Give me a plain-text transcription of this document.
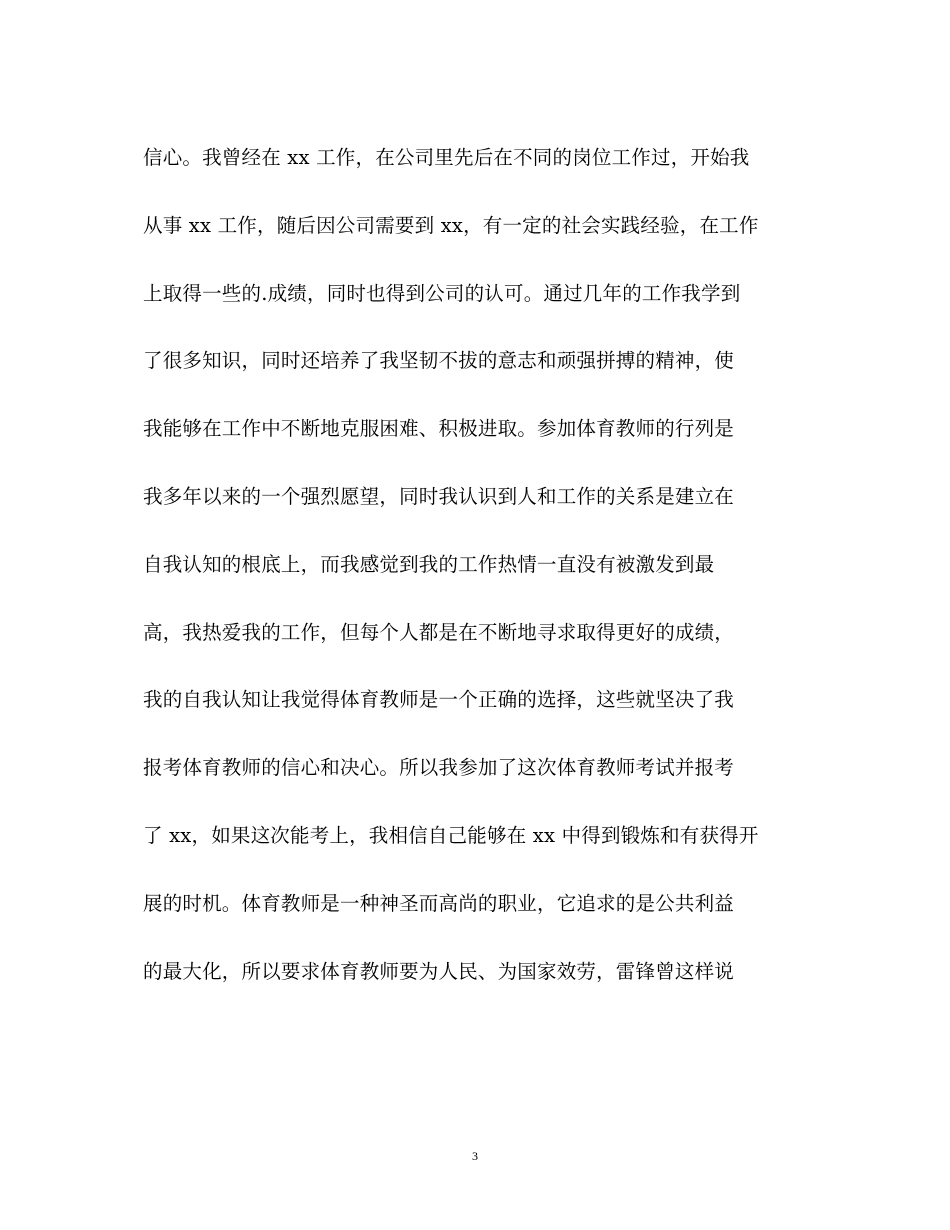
信心。我曾经在 xx 工作，在公司里先后在不同的岗位工作过，开始我
从事 xx 工作，随后因公司需要到 xx，有一定的社会实践经验，在工作
上取得一些的.成绩，同时也得到公司的认可。通过几年的工作我学到
了很多知识，同时还培养了我坚韧不拔的意志和顽强拼搏的精神，使
我能够在工作中不断地克服困难、积极进取。参加体育教师的行列是
我多年以来的一个强烈愿望，同时我认识到人和工作的关系是建立在
自我认知的根底上，而我感觉到我的工作热情一直没有被激发到最
高，我热爱我的工作，但每个人都是在不断地寻求取得更好的成绩，
我的自我认知让我觉得体育教师是一个正确的选择，这些就坚决了我
报考体育教师的信心和决心。所以我参加了这次体育教师考试并报考
了 xx，如果这次能考上，我相信自己能够在 xx 中得到锻炼和有获得开
展的时机。体育教师是一种神圣而高尚的职业，它追求的是公共利益
的最大化，所以要求体育教师要为人民、为国家效劳，雷锋曾这样说
3
